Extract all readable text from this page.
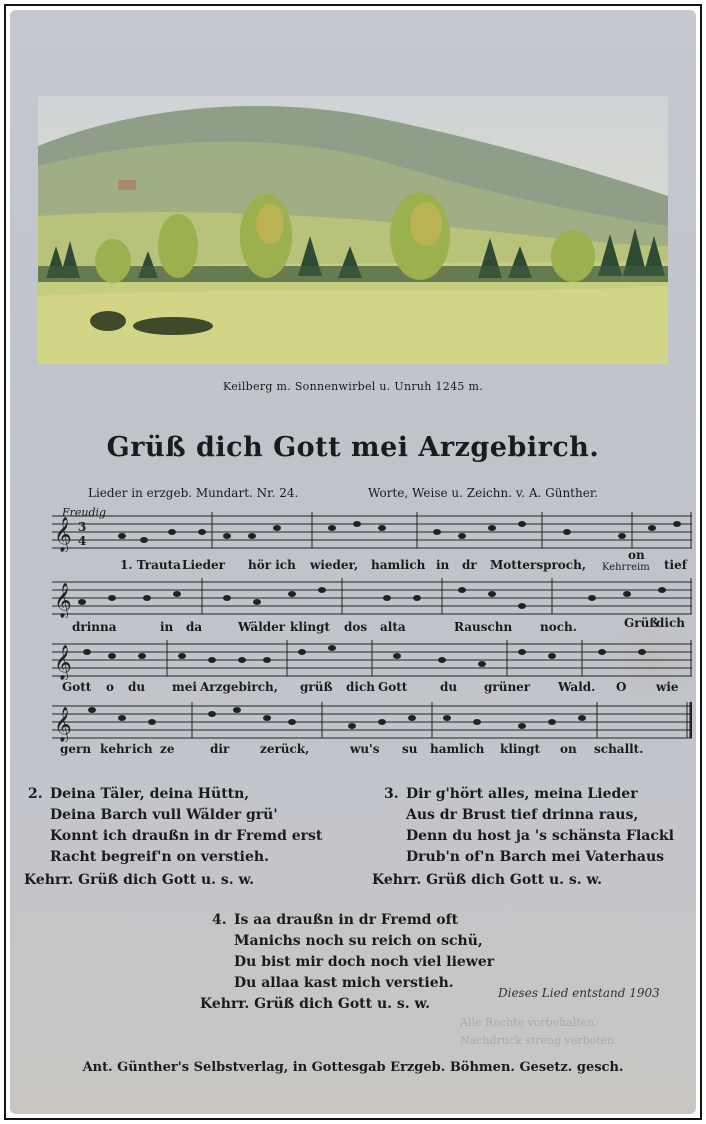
Keilberg m. Sonnenwirbel u. Unruh 1245 m.
Grüß dich Gott mei Arzgebirch.
Lieder in erzgeb. Mundart. Nr. 24.	Worte, Weise u. Zeichn. v. A. Günther.
Freudig
𝄞 3
4
𝄞
𝄞
𝄞
1. Trauta Lieder hör ich wieder, hamlich in dr Mottersproch,
on
Kehrreim tief
drinna	in da	Wälder klingt dos alta	Rauschn noch.	Grüß
dich
Gott o du mei Arzgebirch, grüß dich Gott	du grüner Wald. O wie
gern kehr ich ze	dir	zerück,	wu's su hamlich klingt on schallt.
2. Deina Täler, deina Hüttn,
Deina Barch vull Wälder grü'
Konnt ich draußn in dr Fremd erst
Racht begreif'n on verstieh.
Kehrr. Grüß dich Gott u. s. w.
3. Dir g'hört alles, meina Lieder
Aus dr Brust tief drinna raus,
Denn du host ja 's schänsta Flackl
Drub'n of'n Barch mei Vaterhaus
Kehrr. Grüß dich Gott u. s. w.
4. Is aa draußn in dr Fremd oft
Manichs noch su reich on schü,
Du bist mir doch noch viel liewer
Du allaa kast mich verstieh.
Kehrr. Grüß dich Gott u. s. w.
Dieses Lied entstand 1903
Alle Rechte vorbehalten.
Nachdruck streng verboten.
Ant. Günther's Selbstverlag, in Gottesgab Erzgeb. Böhmen. Gesetz. gesch.
